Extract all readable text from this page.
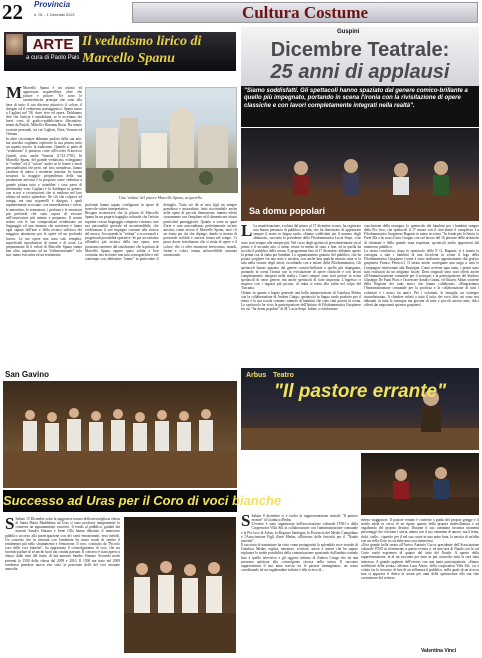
22 Provincia
n. 01 - 1 Gennaio 2021	Cultura Costume
ARTE Il vedutismo lirico di Marcello Spanu
a cura di Paolo Pais
Una 'veduta' del pittore Marcello Spanu, acquerello.

M Marcello Spanu è un ottimo ed apprezzato acquerellista, oltre che pittore e pittore. Tre sono le caratteristiche principe che sono alla base di tutto: il suo discorso pittorico: il colore, il disegno ed il vedutismo paesaggistico. Spanu nasce a Cagliari nel '58, dove vive ed opera. Dobbiamo dire che l'artista è autodidatta, se si accettano dei brevi corsi di grafico-pubblicitario illustrativo, tenuti da Pastoli, Mibelli e Rinaunu Rossi. Ha tenuto svariate personali, tra cui Cagliari, Nora, Venezia ed Ostiano.

In altre circostanze abbiamo parlato della sua arte, ma stavolta vogliamo esplorare la sua pittura sotto un aspetto nuovo: la tradizione. Quando si parla di "vedutismo" il pensiero corre all'eccelso Francesco Guardi, noto anche Venezia (1712-1793). In Marcello Spanu, del grande vedutismo, echeggiano le "vedute" ed il "colore" anche se le forme e modi personalissimi che però, nel loro complesso, hanno carattere di antico e moderno insieme. In buona sostanza la maggior propendenza della sua produzione artistica è la proposta come vedutista a grande pittura tutto e tutteddue: i suoi paesi di riferimento sono Cagliari e la Sardegna in genere, con scorci e ricostruzioni che si rendono nel loro ultimo ed antico splendore. Ne ciò che colpisce ed intriga, nei suoi acquerelli è disegno, i quali sapientemente accostate: con immediatezza i colori, le atmosfere, le sensazioni, i profumi e le emozioni più profonde che sono capaci di evocare nell'osservatore più attento e preparato. Il nostro artista con le sue composizioni evidenziate un linguaggio ed una fantasia che motivano e fanno ogni saputo dell'arte e della tecnica stilistica dei maggiori attenzione per le opere ed un profondo lavoro. Le sue opere non sono solo semplici, superficiali riproduzioni di stanze e di coste. La preparazione di il valore di Marcello Spanu vanno ben oltre, aspiriamo ad un "tridimensionale" solo suo: mano esecutiva ed un sentimento

profondo hanno saputo configurare in opere di notevole valore interpretativo.

Bisogna riconoscere che la pittura di Marcello Spanu ha un proprio bagaglio culturale che l'artista esprime con un linguaggio compiuto e maturo, una sua personalità speciale ed inconfondibile, che evidenziano il suo impegno costante alla ricerca del nuovo. Accostando la "veduta" a eccezionali e progettuali possibilità operative. Se poi accostiamo all'analisi più tecnica della sua opera, non possiamo omettere dal sottolineare che la pittura di Marcello Spanu appare quasi solida e ben costruita, ma in forme non mai scenografiche e nel contempo con abilissime "trame" in particolare il dettaglio. Tutto ciò dà ai suoi figli un sempre grandioso e mozzafiato, fatto riscontrabile anche nelle opere di piccola dimensione, tramite effetti sicuramente con l'ampliare ed il dimenticare alcuni particolari paesaggistici. Quanto ci sorte su spazi d'arte e non nascondiamo perfettamente un'arte mistica, come invece il Marcello Spanu, anzi c'è un frutto per chi che dipinge, dando vi mezzo di personale solidità e sincera forma nel tempo. Ci piace dover sottolineare che si tratta di opere e il colore, che ci offre emozione brevissimo, mondi, forme e colori, tenuta un'incredibile armonia emozionale.

Guspini
Dicembre Teatrale:
25 anni di applausi
"Siamo soddisfatti. Gli spettacoli hanno spaziato dal genere comico-brillante a quello più impegnato, portando in scena l'ironia con la rivisitazione di opere classiche e con lavori completamente integrati nella realtà".
Sa domu popolari

L La manifestazione, svoltasi dal primo al 17 dicembre scorso, ha registrato una buona presenza di pubblico in sala, che ha dimostrato di apprezzare sempre il teatro in lingua sarda. «Siamo soddisfatti per il numero degli abbonati», racconta la presidente della Filodrammatica Lucia Serpi, «che sono stati sempre alla sempre più. Nel corso degli spettacoli prevalentemente sia al primo e il secondo atto ci fanno venire in mente di stato a fine, ed in quella ha accolto il pubblico della serata. Il programma fino al 17 dicembre: abbiamo aperto la prima con la fiaba per bambini. Lo appuntamento gratuito del pubblico, che ha potuto scegliere fra una serie e un'altra, con anche ben qualche minuto tutta vi la sala nella visione degli attori, ricordando con a notare della Filodrammatica, Gli spettacoli hanno spaziato dal genere comico-brillante a quello più impegnato, portando in scena l'ironia con la rivisitazione di opere classiche e con lavori completamente integrati nella realtà.» Come sempre sono stati portati in scena spettacoli di vario genere, ma anche spettacoli di forte impronta. L'ingresso ci stupisce con i ragazzi più piccini, di tratta si tratta alla salita nel colpo del Tuscania.

Ottimo in quanto a legato generale una bella interpretazione di Gianluca Medas con la collaborazione di Andrea Ciniga, spettacolo in lingua sarda prodotto per il teatro e la sua scuola comune, numero di bambini che sono stati portati in scena. Lo spettacolo ha visto la partecipazione dell'Istituto di Filodrammatica Guspinese fra cui "Sa domu popolari" di M. Lucia Serpi. Infine, a conclusione

conclusione della rassegna, lo spettacolo dei bambini per i bambini sempre della Pro loco, che spettacoli il 17 marzo con il cine-teatro il complesso. La Filodrammatica Guspinese Ragazzi in meno in scena. "In fondo per lo Santa, la Parte Ma a ho nato il loro Gruppo con sul lavoro del 16 persone delle artistiche di chiamate e della grande stata rispettata, spettacoli molto apprezzati dal numeroso pubblico.

La serata conclusiva, dopo lo spettacolo della F. G. Ragazzi, si è tenuta la consegna a tutti i bambini di una bicicletta in serate il logo della Filodrammatica Guspinese (come è stato realizzato appositamente dal grafico guspinese Franco Petrucci). Il serata anche consegnate una targa a tutti le Compagnie intervenute alla Rassegna. Come avviene ogni anno, i premi sono stati realizzati da un artigiano locale. Doni originali sono stati offerti anche all'Amministrazione comunale per il sostegno e la partecipazione del Sindaco Giuseppe De Fanti Piras e l'assessore Sandro Garau, ed Ottavio Abbas sostiene della Regione dei tanti amici che hanno collaborato. «Ringraziamo l'Amministrazione comunale per la proficua e la collaborazione di tutti i volontari e i nostri tra amici. Per i volontari, le famiglie, un sostegno incondizionato. A chiudere infatti a tutto il tutta, dei corsi altri, mi sono resi abbonati in tutta la rassegna ma giovani di tutte e piccoli ancora anni, dolci offerti dai negozianti sponsor guspinesi.

San Gavino
Successo ad Uras per il Coro di voci bianche

S Sabato 15 Dicembre sotto la suggestiva navata della meravigliosa chiesa di Santa Maria Maddalena ad Uras si sono produsse integramente lo conserva un appuntamento concerto. Il rendo al pubblico, guidati dai maestri Sandro Sitzano e Irene Olla hanno deliziato il numeroso pubblico accorso alla partecipazione con dei canti emozionanti, testi melodi. Un concerto che in sintonia con l'ambiente ha avuto modo di sentire il sentimento più nello sfruttamento e l'emozione. Il coro, costituito da "Piccolo coro delle voci bianche", ha apprezzato il coinvolgimento di voci, che sta facendo parlare di sé anche fuori dai confini paesani. Il concerto è stato aperto a chiuso dalle note del frutto di dal maestro Sandro Sitzano. Secondo molti presenti la 1500 della chiesa dal 2009 e 2010. Il 1500 ma stato nel 2009 sembrava prendere nuova vita sotto la posizione delle del voci intonate unavolta.

Arbus Teatro
"Il pastore errante"

S Sabato 8 dicembre si è svolta la rappresentazione teatrale "Il pastore errante" di Gianluca Medas.

L'evento è stato organizzato dall'associazione culturale ITNO e dalla Cooperativa Villa Sili in collaborazione con l'amministrazione comunale e la Pro loco di Arbus, la Regione Sardegna, la Provincia del Medio Campidano e l'Associazione Figli d'arte Medas, all'interno delle festività per il "Natale insieme".

Il racconto di narrazione ha visto come protagonisti la splendida voce teatrale di Gianluca Medas, regista, narratore, scrittore, attore e autore che ha saputo esplorare le molte possibilità della comunicazione spaziando dall'ambito teatrale fino a quello televisivo e gli oggetto infinito di Andrea Ciniga che da una presenza spiritosa alla coinvolgente ricerca nella stessa. Il racconto rappresentava il suo anno traccia tra le pastore immaginario, un senso coordinando ad un vagabondare infinito e alla ricerca di ...

eterno viaggiatore. Il pastore errante è costretto a guida del proprio gregge e il sottile adelà in cerca di un riparo quanto della propria imbecilliatura e ad vagabondo del proprio destino. Durante il suo cammino incontra momenti personaggi che colorano i storia, anima con il suo cammino di amore, ma il tema, dolci, stelle... ripartito per il nel suo cuore in una notte buia, la nascita di un'alba con un vello d'oro in cui ebbe una cosa misteriosa.

«Una grande bella serata all'Arrivo Antonio Cuccu presidente dell'Associazione culturale ITNO in riferimento a questo evento e, ed una sera di Natale con la cui Corte vuole esprimere di quanto del fatto del Natale. A questo della rappresentazione, la di un racconto per tutto in più coinvolto tutta la sera tutta interessa. A grande applausi dell'evento con una tanta partecipazione. «Siamo soddisfatti della serata» afferma Luca Atzori, della cooperativa Villa Sili, «si è voluto far la incontro di fare di un affluenza il pubblico, nella quale di un ricerca non si appariva il dietro la serata per anni della spettacolare alla sua fine costruzione del settore».

Valentina Vinci
